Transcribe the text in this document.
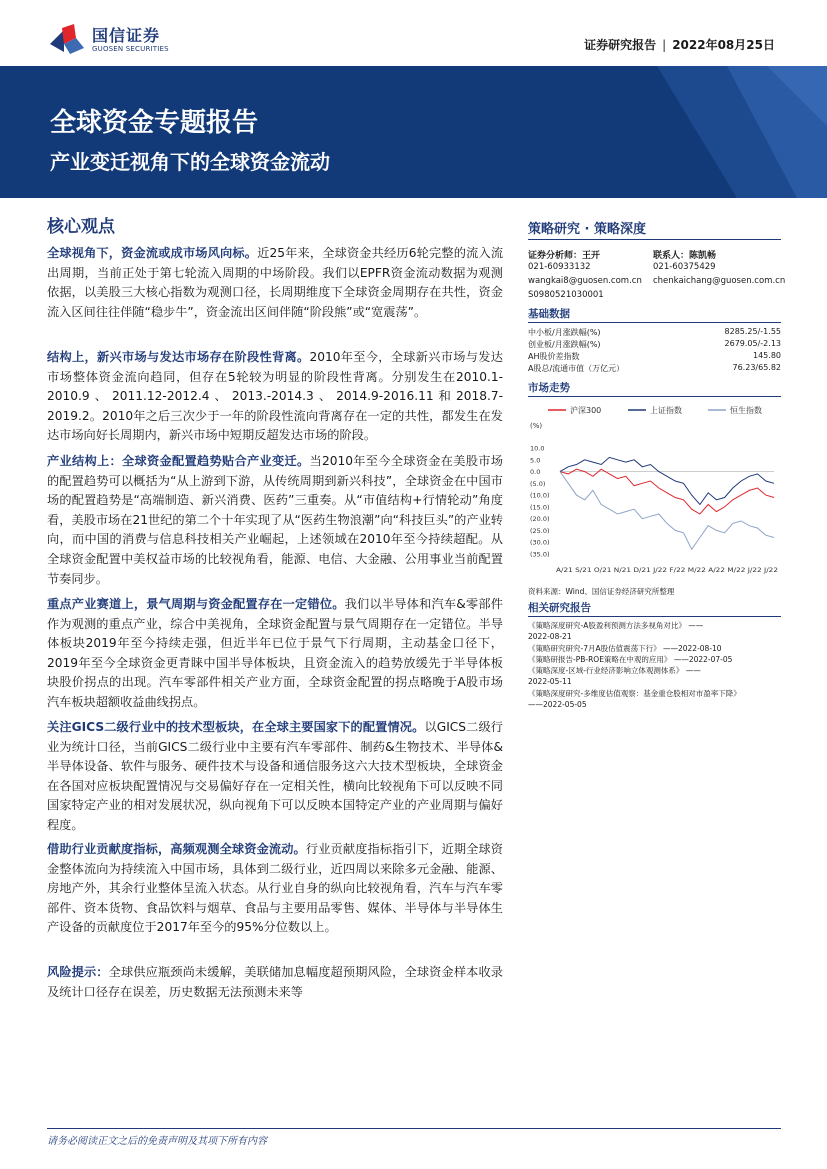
国信证券
GUOSEN SECURITIES	证券研究报告 | 2022年08月25日
全球资金专题报告
产业变迁视角下的全球资金流动
核心观点

全球视角下，资金流或成市场风向标。近25年来，全球资金共经历6轮完整的流入流出周期，当前正处于第七轮流入周期的中场阶段。我们以EPFR资金流动数据为观测依据，以美股三大核心指数为观测口径，长周期维度下全球资金周期存在共性，资金流入区间往往伴随“稳步牛”，资金流出区间伴随“阶段熊”或“宽震荡”。

结构上，新兴市场与发达市场存在阶段性背离。2010年至今，全球新兴市场与发达市场整体资金流向趋同，但存在5轮较为明显的阶段性背离。分别发生在2010.1-2010.9、2011.12-2012.4、2013.-2014.3、2014.9-2016.11和2018.7-2019.2。2010年之后三次少于一年的阶段性流向背离存在一定的共性，都发生在发达市场向好长周期内，新兴市场中短期反超发达市场的阶段。

产业结构上：全球资金配置趋势贴合产业变迁。当2010年至今全球资金在美股市场的配置趋势可以概括为“从上游到下游，从传统周期到新兴科技”，全球资金在中国市场的配置趋势是“高端制造、新兴消费、医药”三重奏。从“市值结构+行情轮动”角度看，美股市场在21世纪的第二个十年实现了从“医药生物浪潮”向“科技巨头”的产业转向，而中国的消费与信息科技相关产业崛起，上述领域在2010年至今持续超配。从全球资金配置中美权益市场的比较视角看，能源、电信、大金融、公用事业当前配置节奏同步。

重点产业赛道上，景气周期与资金配置存在一定错位。我们以半导体和汽车&零部件作为观测的重点产业，综合中美视角，全球资金配置与景气周期存在一定错位。半导体板块2019年至今持续走强，但近半年已位于景气下行周期，主动基金口径下，2019年至今全球资金更青睐中国半导体板块，且资金流入的趋势放缓先于半导体板块股价拐点的出现。汽车零部件相关产业方面，全球资金配置的拐点略晚于A股市场汽车板块超额收益曲线拐点。

关注GICS二级行业中的技术型板块，在全球主要国家下的配置情况。以GICS二级行业为统计口径，当前GICS二级行业中主要有汽车零部件、制药&生物技术、半导体&半导体设备、软件与服务、硬件技术与设备和通信服务这六大技术型板块，全球资金在各国对应板块配置情况与交易偏好存在一定相关性，横向比较视角下可以反映不同国家特定产业的相对发展状况，纵向视角下可以反映本国特定产业的产业周期与偏好程度。

借助行业贡献度指标，高频观测全球资金流动。行业贡献度指标指引下，近期全球资金整体流向为持续流入中国市场，具体到二级行业，近四周以来除多元金融、能源、房地产外，其余行业整体呈流入状态。从行业自身的纵向比较视角看，汽车与汽车零部件、资本货物、食品饮料与烟草、食品与主要用品零售、媒体、半导体与半导体生产设备的贡献度位于2017年至今的95%分位数以上。

风险提示：全球供应瓶颈尚未缓解，美联储加息幅度超预期风险，全球资金样本收录及统计口径存在误差，历史数据无法预测未来等

策略研究 · 策略深度
证券分析师：王开	联系人：陈凯畅
021-60933132	021-60375429
wangkai8@guosen.com.cn chenkaichang@guosen.com.cn
S0980521030001
基础数据
中小板/月涨跌幅(%)	8285.25/-1.55
创业板/月涨跌幅(%)	2679.05/-2.13
AH股价差指数	145.80
A股总/流通市值（万亿元）	76.23/65.82
市场走势
沪深300	上证指数	恒生指数
(%)
10.0
5.0
0.0
(5.0)
(10.0)
(15.0)
(20.0)
(25.0)
(30.0)
(35.0)
A/21 S/21 O/21 N/21 D/21 J/22 F/22 M/22 A/22 M/22 J/22 J/22
资料来源：Wind、国信证券经济研究所整理
相关研究报告
《策略深度研究-A股盈利预测方法多视角对比》 ——
2022-08-21
《策略研究研究-7月A股估值震荡下行》 ——2022-08-10
《策略研报告-PB-ROE策略在中观的应用》 ——2022-07-05
《策略深度-区域-行业经济影响立体观测体系》 ——
2022-05-11
《策略深度研究-多维度估值观察：基金重仓股相对市盈率下降》
——2022-05-05
请务必阅读正文之后的免责声明及其项下所有内容
